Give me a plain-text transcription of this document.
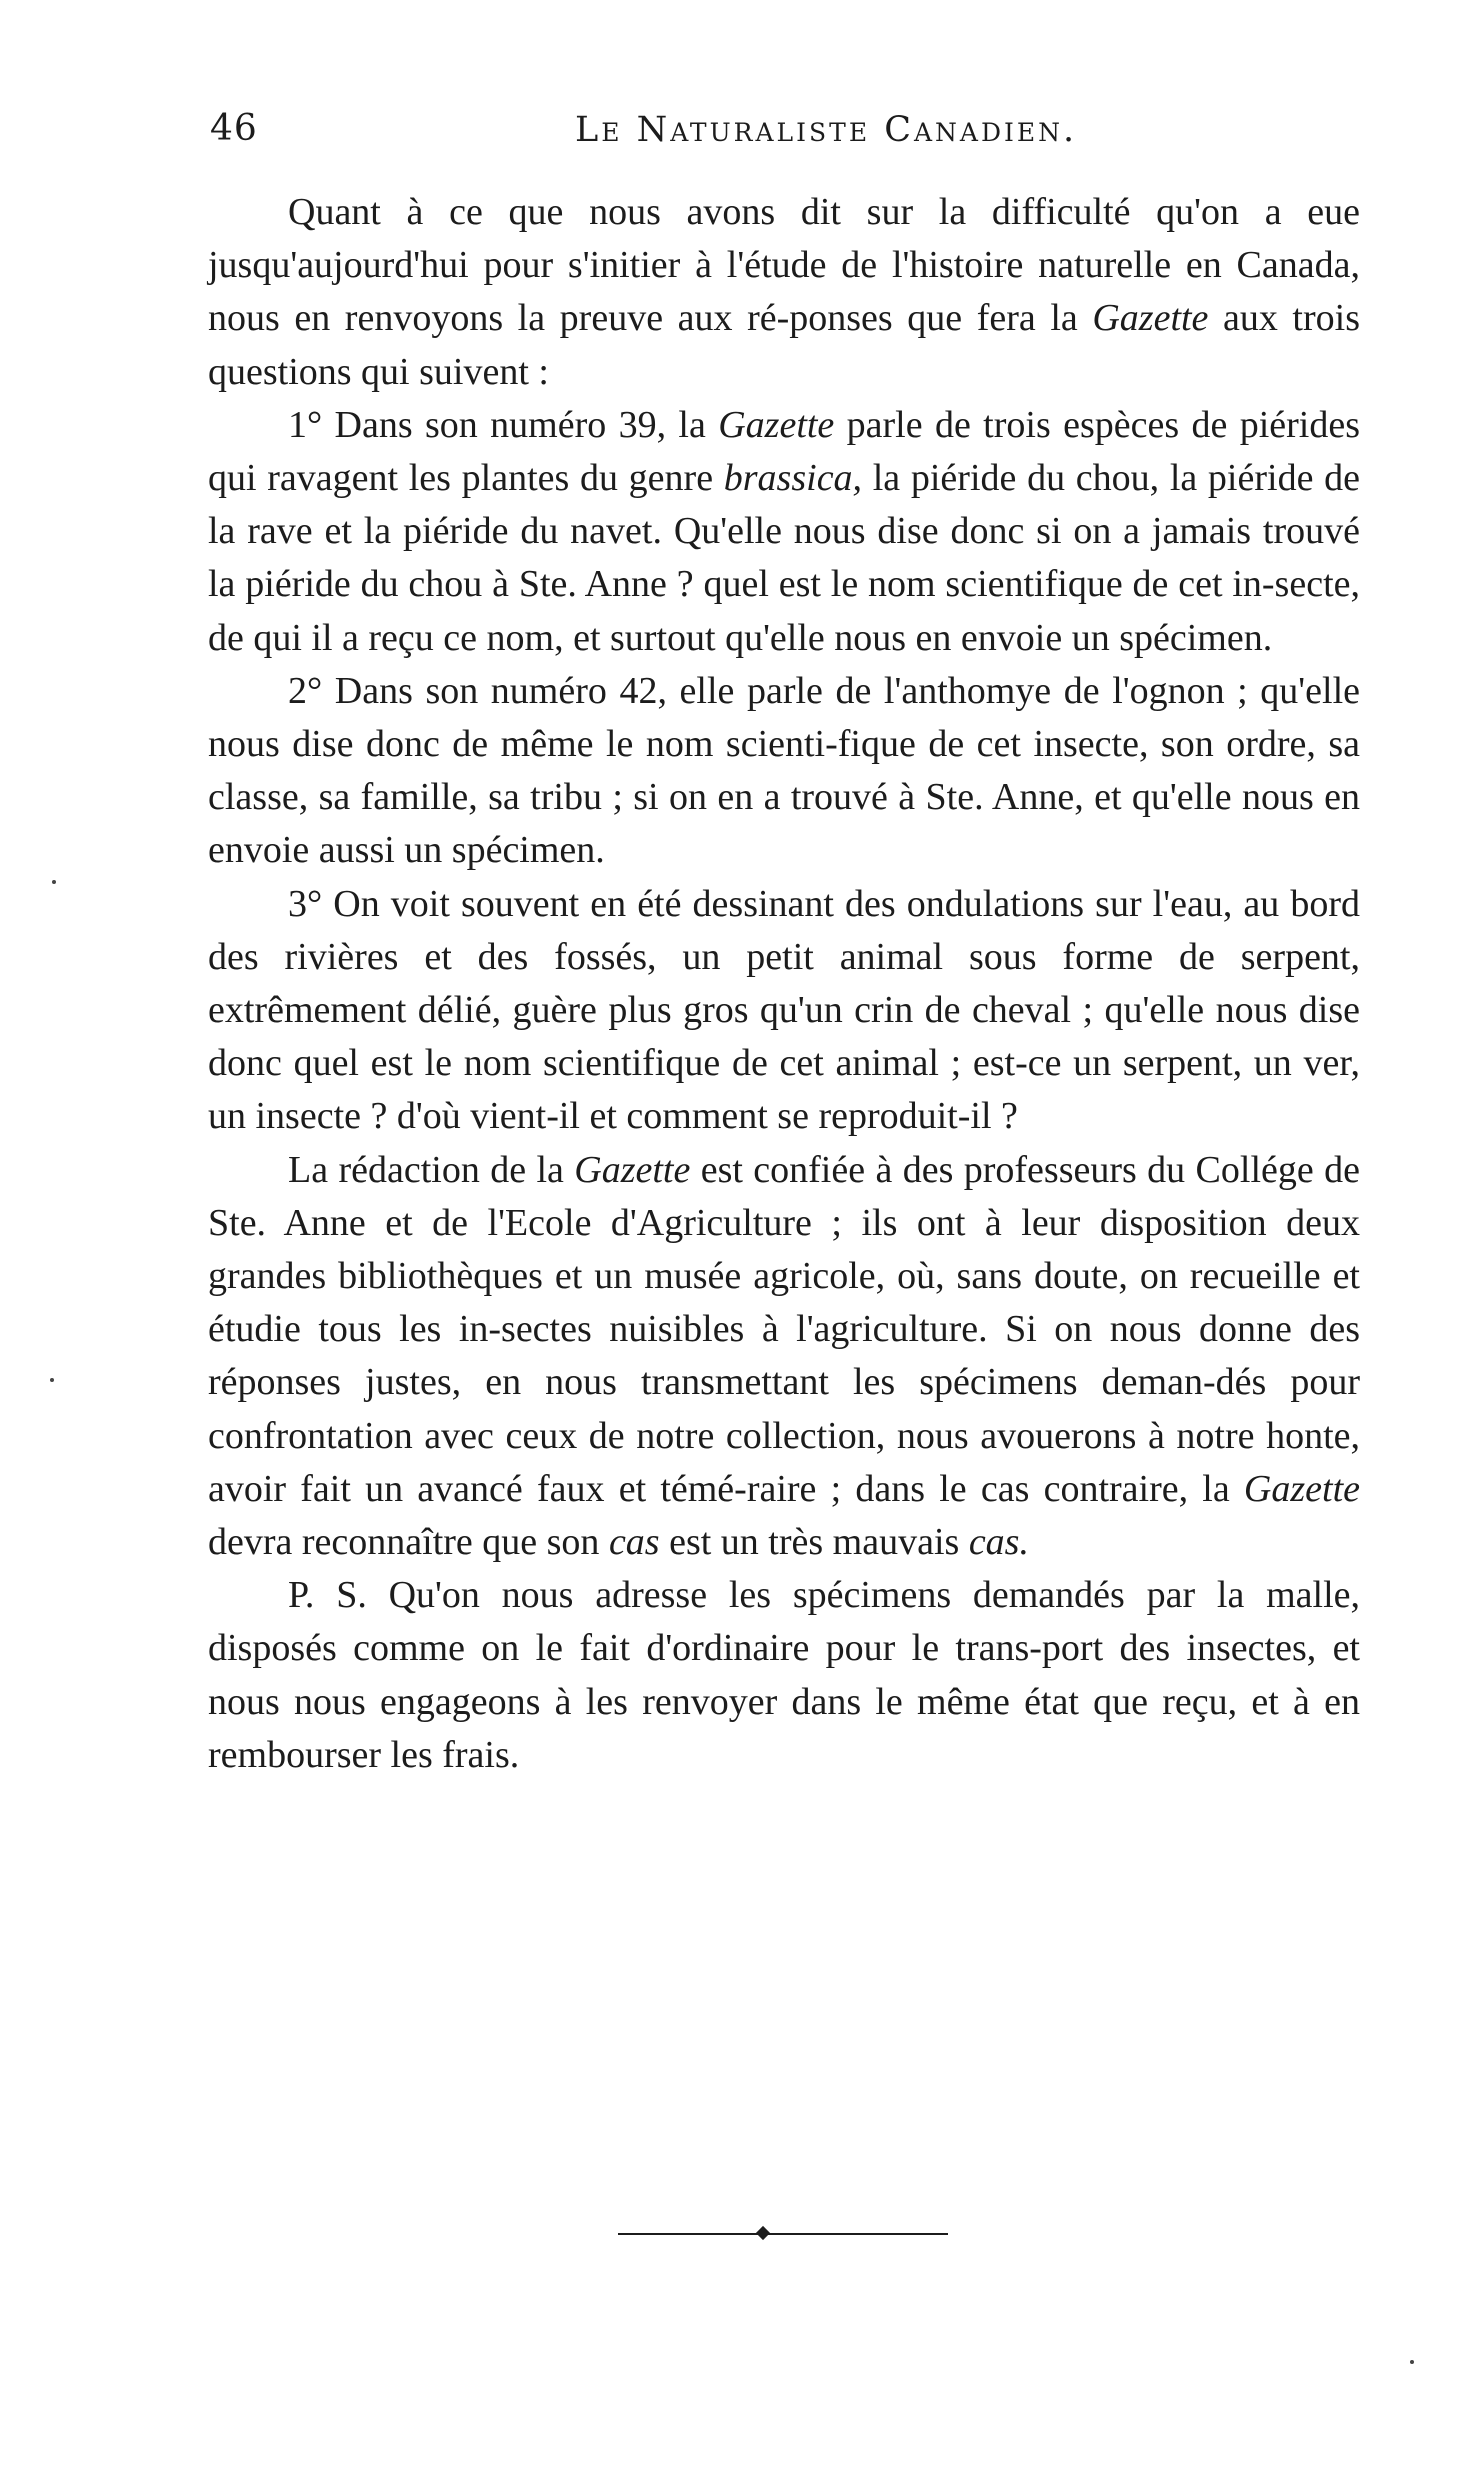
46	Le Naturaliste Canadien.

Quant à ce que nous avons dit sur la difficulté qu'on a eue jusqu'aujourd'hui pour s'initier à l'étude de l'histoire naturelle en Canada, nous en renvoyons la preuve aux ré-ponses que fera la Gazette aux trois questions qui suivent :

1° Dans son numéro 39, la Gazette parle de trois espèces de piérides qui ravagent les plantes du genre brassica, la piéride du chou, la piéride de la rave et la piéride du navet. Qu'elle nous dise donc si on a jamais trouvé la piéride du chou à Ste. Anne ? quel est le nom scientifique de cet in-secte, de qui il a reçu ce nom, et surtout qu'elle nous en envoie un spécimen.

2° Dans son numéro 42, elle parle de l'anthomye de l'ognon ; qu'elle nous dise donc de même le nom scienti-fique de cet insecte, son ordre, sa classe, sa famille, sa tribu ; si on en a trouvé à Ste. Anne, et qu'elle nous en envoie aussi un spécimen.

3° On voit souvent en été dessinant des ondulations sur l'eau, au bord des rivières et des fossés, un petit animal sous forme de serpent, extrêmement délié, guère plus gros qu'un crin de cheval ; qu'elle nous dise donc quel est le nom scientifique de cet animal ; est-ce un serpent, un ver, un insecte ? d'où vient-il et comment se reproduit-il ?

La rédaction de la Gazette est confiée à des professeurs du Collége de Ste. Anne et de l'Ecole d'Agriculture ; ils ont à leur disposition deux grandes bibliothèques et un musée agricole, où, sans doute, on recueille et étudie tous les in-sectes nuisibles à l'agriculture. Si on nous donne des réponses justes, en nous transmettant les spécimens deman-dés pour confrontation avec ceux de notre collection, nous avouerons à notre honte, avoir fait un avancé faux et témé-raire ; dans le cas contraire, la Gazette devra reconnaître que son cas est un très mauvais cas.

P. S. Qu'on nous adresse les spécimens demandés par la malle, disposés comme on le fait d'ordinaire pour le trans-port des insectes, et nous nous engageons à les renvoyer dans le même état que reçu, et à en rembourser les frais.
